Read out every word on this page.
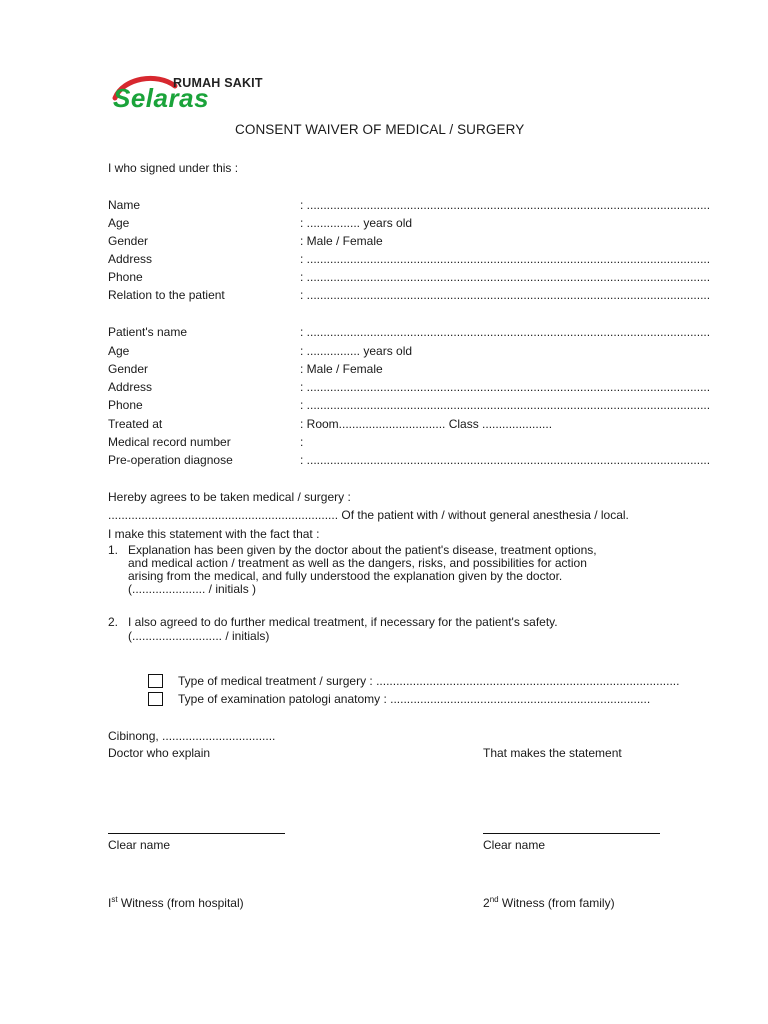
RUMAH SAKIT
Selaras
CONSENT WAIVER OF MEDICAL / SURGERY
I who signed under this :
Name	: .........................................................................................................................
Age	: ................ years old
Gender	: Male / Female
Address	: .........................................................................................................................
Phone	: .........................................................................................................................
Relation to the patient	: .........................................................................................................................
Patient's name	: .........................................................................................................................
Age	: ................ years old
Gender	: Male / Female
Address	: .........................................................................................................................
Phone	: .........................................................................................................................
Treated at	: Room................................ Class .....................
Medical record number	:
Pre-operation diagnose	: .........................................................................................................................
Hereby agrees to be taken medical / surgery :
..................................................................... Of the patient with / without general anesthesia / local.
I make this statement with the fact that :
1. Explanation has been given by the doctor about the patient's disease, treatment options,
and medical action / treatment as well as the dangers, risks, and possibilities for action
arising from the medical, and fully understood the explanation given by the doctor.
(...................... / initials )
2. I also agreed to do further medical treatment, if necessary for the patient's safety.
(........................... / initials)
Type of medical treatment / surgery : ...........................................................................................
Type of examination patologi anatomy : ..............................................................................
Cibinong, ..................................
Doctor who explain	That makes the statement
Clear name	Clear name
Ist Witness (from hospital)	2nd Witness (from family)
